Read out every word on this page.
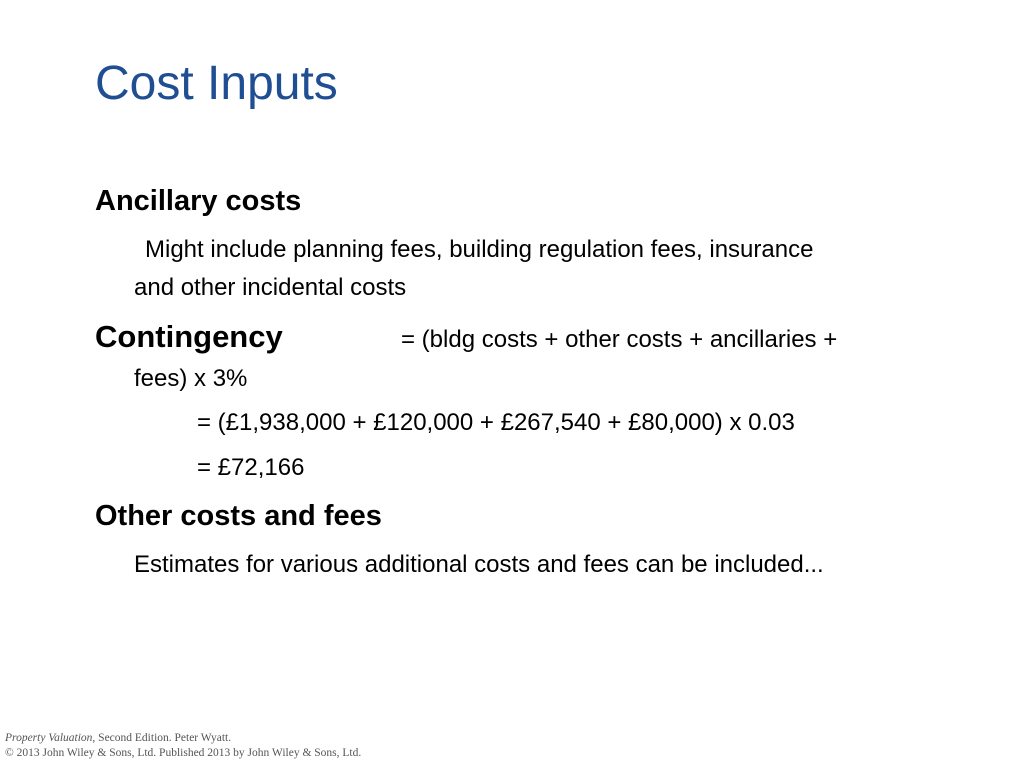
Cost Inputs

Ancillary costs

Might include planning fees, building regulation fees, insurance

and other incidental costs

Contingency	= (bldg costs + other costs + ancillaries +

fees) x 3%

= (£1,938,000 + £120,000 + £267,540 + £80,000) x 0.03

= £72,166

Other costs and fees

Estimates for various additional costs and fees can be included...

Property Valuation, Second Edition. Peter Wyatt.

© 2013 John Wiley & Sons, Ltd. Published 2013 by John Wiley & Sons, Ltd.
